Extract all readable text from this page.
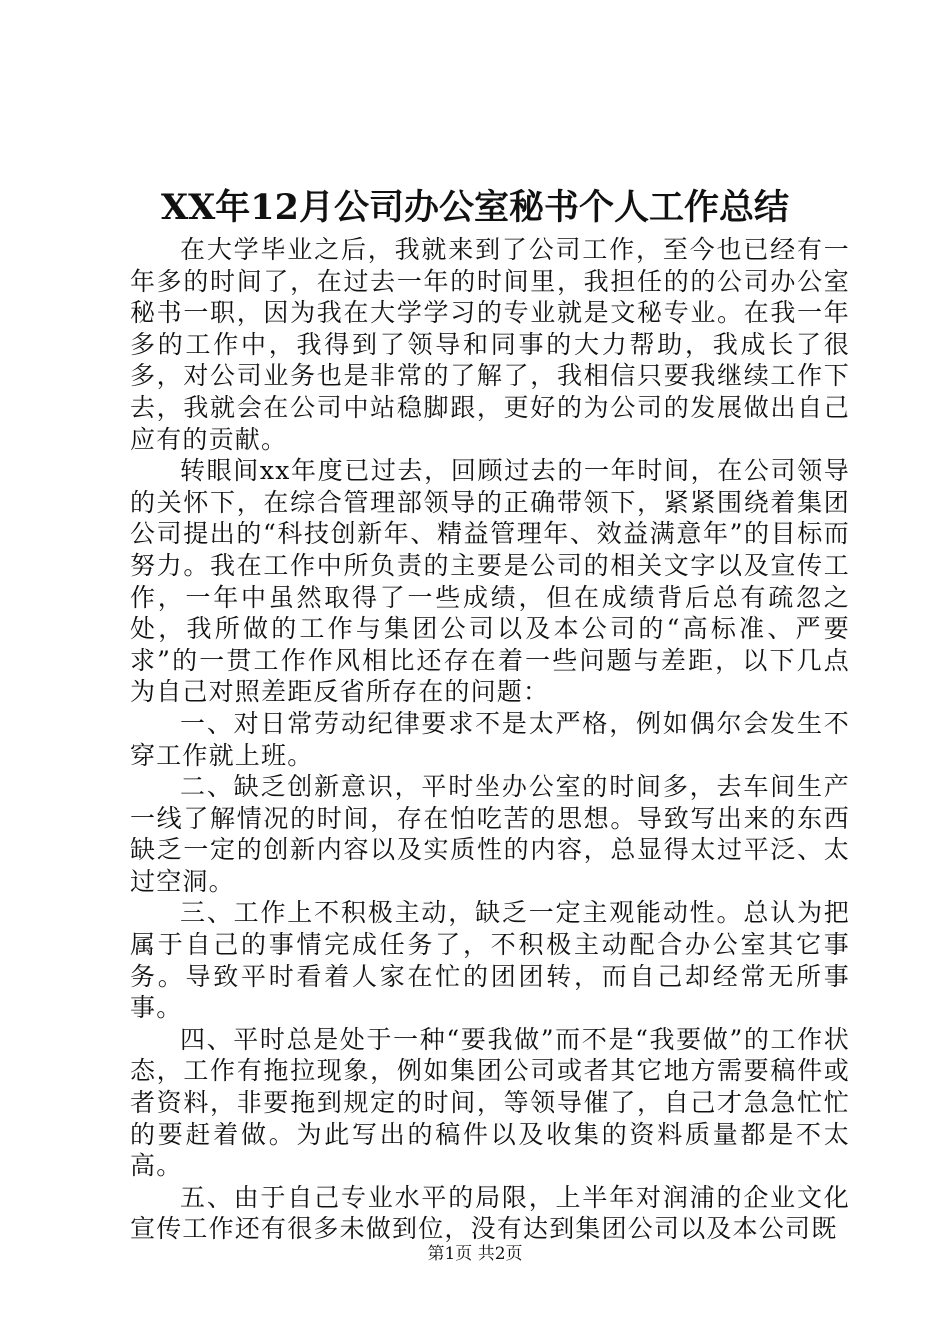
XX年12月公司办公室秘书个人工作总结

在大学毕业之后，我就来到了公司工作，至今也已经有一年多的时间了，在过去一年的时间里，我担任的的公司办公室秘书一职，因为我在大学学习的专业就是文秘专业。在我一年多的工作中，我得到了领导和同事的大力帮助，我成长了很多，对公司业务也是非常的了解了，我相信只要我继续工作下去，我就会在公司中站稳脚跟，更好的为公司的发展做出自己应有的贡献。

转眼间xx年度已过去，回顾过去的一年时间，在公司领导的关怀下，在综合管理部领导的正确带领下，紧紧围绕着集团公司提出的“科技创新年、精益管理年、效益满意年”的目标而努力。我在工作中所负责的主要是公司的相关文字以及宣传工作，一年中虽然取得了一些成绩，但在成绩背后总有疏忽之处，我所做的工作与集团公司以及本公司的“高标准、严要求”的一贯工作作风相比还存在着一些问题与差距，以下几点为自己对照差距反省所存在的问题：

一、对日常劳动纪律要求不是太严格，例如偶尔会发生不穿工作就上班。

二、缺乏创新意识，平时坐办公室的时间多，去车间生产一线了解情况的时间，存在怕吃苦的思想。导致写出来的东西缺乏一定的创新内容以及实质性的内容，总显得太过平泛、太过空洞。

三、工作上不积极主动，缺乏一定主观能动性。总认为把属于自己的事情完成任务了，不积极主动配合办公室其它事务。导致平时看着人家在忙的团团转，而自己却经常无所事事。

四、平时总是处于一种“要我做”而不是“我要做”的工作状态，工作有拖拉现象，例如集团公司或者其它地方需要稿件或者资料，非要拖到规定的时间，等领导催了，自己才急急忙忙的要赶着做。为此写出的稿件以及收集的资料质量都是不太高。

五、由于自己专业水平的局限，上半年对润浦的企业文化宣传工作还有很多未做到位，没有达到集团公司以及本公司既

第1页 共2页
